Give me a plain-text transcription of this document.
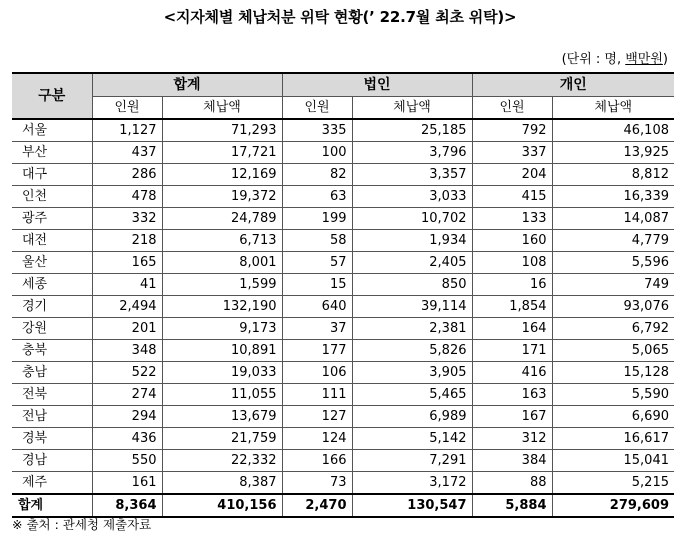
<지자체별 체납처분 위탁 현황(’ 22.7월 최초 위탁)>
(단위 : 명, 백만원)
구분	합계		법인		개인	
	인원	체납액	인원	체납액	인원	체납액
서울	1,127	71,293	335	25,185	792	46,108
부산	437	17,721	100	3,796	337	13,925
대구	286	12,169	82	3,357	204	8,812
인천	478	19,372	63	3,033	415	16,339
광주	332	24,789	199	10,702	133	14,087
대전	218	6,713	58	1,934	160	4,779
울산	165	8,001	57	2,405	108	5,596
세종	41	1,599	15	850	16	749
경기	2,494	132,190	640	39,114	1,854	93,076
강원	201	9,173	37	2,381	164	6,792
충북	348	10,891	177	5,826	171	5,065
충남	522	19,033	106	3,905	416	15,128
전북	274	11,055	111	5,465	163	5,590
전남	294	13,679	127	6,989	167	6,690
경북	436	21,759	124	5,142	312	16,617
경남	550	22,332	166	7,291	384	15,041
제주	161	8,387	73	3,172	88	5,215
합계	8,364	410,156	2,470	130,547	5,884	279,609
※ 출처 : 관세청 제출자료
